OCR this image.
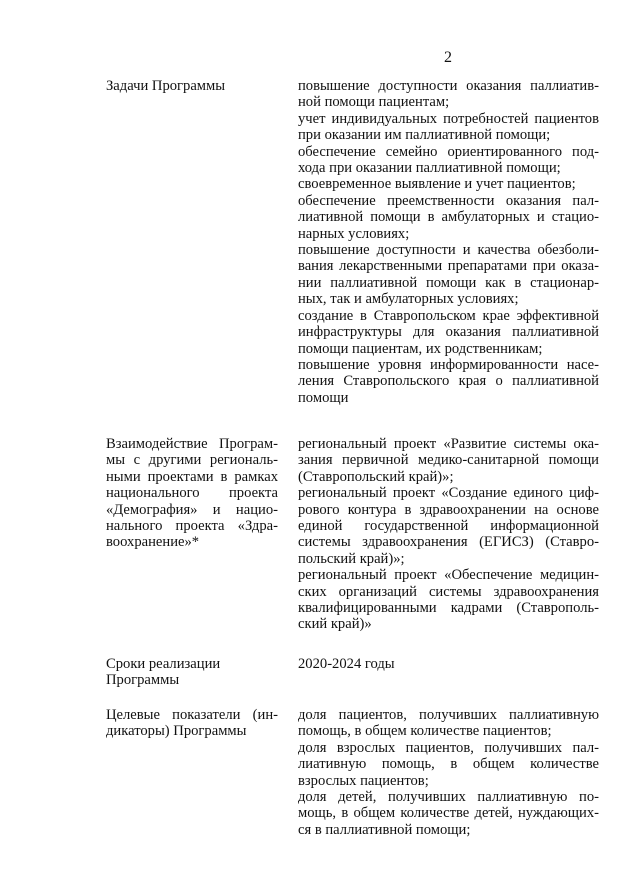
2
Задачи Программы	повышение доступности оказания паллиатив-
ной помощи пациентам;
учет индивидуальных потребностей пациентов
при оказании им паллиативной помощи;
обеспечение семейно ориентированного под-
хода при оказании паллиативной помощи;
своевременное выявление и учет пациентов;
обеспечение преемственности оказания пал-
лиативной помощи в амбулаторных и стацио-
нарных условиях;
повышение доступности и качества обезболи-
вания лекарственными препаратами при оказа-
нии паллиативной помощи как в стационар-
ных, так и амбулаторных условиях;
создание в Ставропольском крае эффективной
инфраструктуры для оказания паллиативной
помощи пациентам, их родственникам;
повышение уровня информированности насе-
ления Ставропольского края о паллиативной
помощи
Взаимодействие Програм-
мы с другими региональ-
ными проектами в рамках
национального проекта
«Демография» и нацио-
нального проекта «Здра-
воохранение»*
региональный проект «Развитие системы ока-
зания первичной медико-санитарной помощи
(Ставропольский край)»;
региональный проект «Создание единого циф-
рового контура в здравоохранении на основе
единой государственной информационной
системы здравоохранения (ЕГИСЗ) (Ставро-
польский край)»;
региональный проект «Обеспечение медицин-
ских организаций системы здравоохранения
квалифицированными кадрами (Ставрополь-
ский край)»
Сроки реализации
Программы
2020-2024 годы
Целевые показатели (ин-
дикаторы) Программы
доля пациентов, получивших паллиативную
помощь, в общем количестве пациентов;
доля взрослых пациентов, получивших пал-
лиативную помощь, в общем количестве
взрослых пациентов;
доля детей, получивших паллиативную по-
мощь, в общем количестве детей, нуждающих-
ся в паллиативной помощи;
